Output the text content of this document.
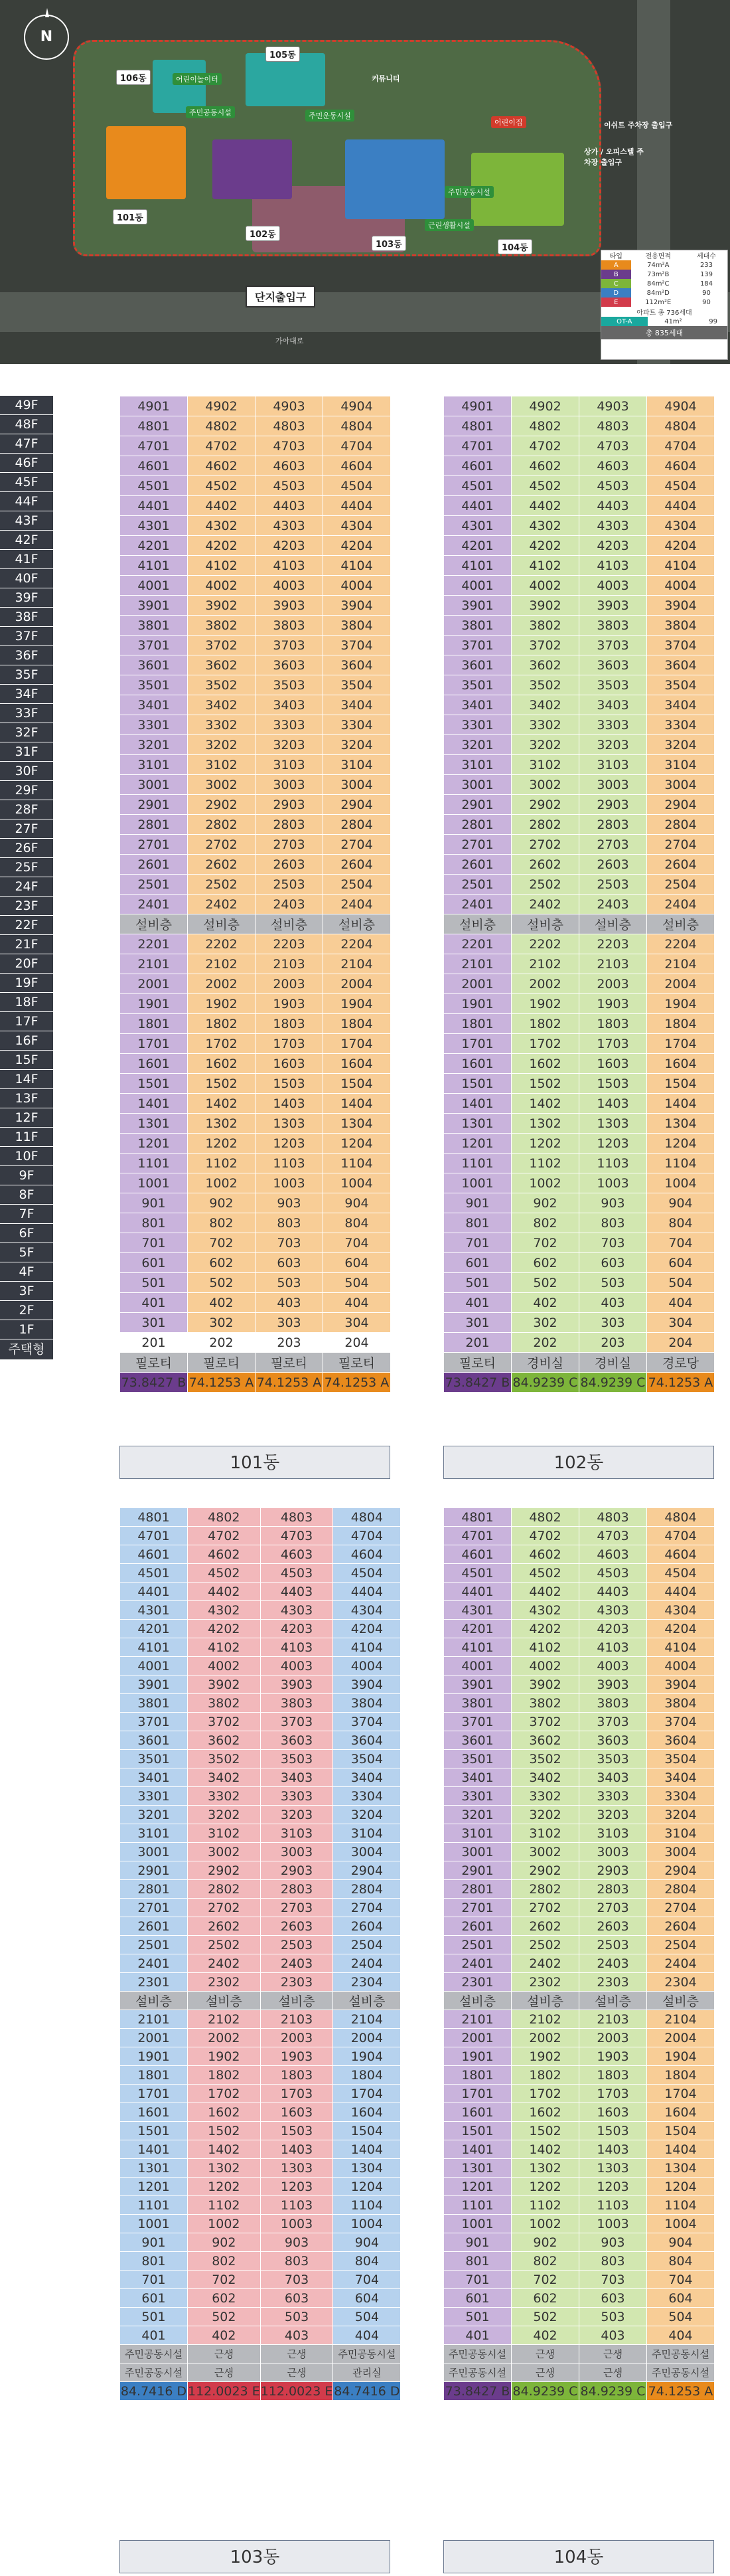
N
101동
102동
103동	104동
105동
106동	어린이놀이터
주민공동시설	주민운동시설
주민공동시설
근린생활시설
어린이집	이쉬트 주차장 출입구
상가 / 오피스텔 주차장 출입구
커뮤니티
단지출입구
가야대로
타입	전용면적	세대수
A	74m²A	233
B	73m²B	139
C	84m²C	184
D	84m²D	90
E	112m²E	90
아파트 총 736세대
OT-A	41m²	99
총 835세대
49F
48F
47F
46F
45F
44F
43F
42F
41F
40F
39F
38F
37F
36F
35F
34F
33F
32F
31F
30F
29F
28F
27F
26F
25F
24F
23F
22F
21F
20F
19F
18F
17F
16F
15F
14F
13F
12F
11F
10F
9F
8F
7F
6F
5F
4F
3F
2F
1F
주택형
4901	4902	4903	4904
4801	4802	4803	4804
4701	4702	4703	4704
4601	4602	4603	4604
4501	4502	4503	4504
4401	4402	4403	4404
4301	4302	4303	4304
4201	4202	4203	4204
4101	4102	4103	4104
4001	4002	4003	4004
3901	3902	3903	3904
3801	3802	3803	3804
3701	3702	3703	3704
3601	3602	3603	3604
3501	3502	3503	3504
3401	3402	3403	3404
3301	3302	3303	3304
3201	3202	3203	3204
3101	3102	3103	3104
3001	3002	3003	3004
2901	2902	2903	2904
2801	2802	2803	2804
2701	2702	2703	2704
2601	2602	2603	2604
2501	2502	2503	2504
2401	2402	2403	2404
설비층	설비층	설비층	설비층
2201	2202	2203	2204
2101	2102	2103	2104
2001	2002	2003	2004
1901	1902	1903	1904
1801	1802	1803	1804
1701	1702	1703	1704
1601	1602	1603	1604
1501	1502	1503	1504
1401	1402	1403	1404
1301	1302	1303	1304
1201	1202	1203	1204
1101	1102	1103	1104
1001	1002	1003	1004
901	902	903	904
801	802	803	804
701	702	703	704
601	602	603	604
501	502	503	504
401	402	403	404
301	302	303	304
201	202	203	204
필로티	필로티	필로티	필로티
73.8427 B	74.1253 A	74.1253 A	74.1253 A
4901	4902	4903	4904
4801	4802	4803	4804
4701	4702	4703	4704
4601	4602	4603	4604
4501	4502	4503	4504
4401	4402	4403	4404
4301	4302	4303	4304
4201	4202	4203	4204
4101	4102	4103	4104
4001	4002	4003	4004
3901	3902	3903	3904
3801	3802	3803	3804
3701	3702	3703	3704
3601	3602	3603	3604
3501	3502	3503	3504
3401	3402	3403	3404
3301	3302	3303	3304
3201	3202	3203	3204
3101	3102	3103	3104
3001	3002	3003	3004
2901	2902	2903	2904
2801	2802	2803	2804
2701	2702	2703	2704
2601	2602	2603	2604
2501	2502	2503	2504
2401	2402	2403	2404
설비층	설비층	설비층	설비층
2201	2202	2203	2204
2101	2102	2103	2104
2001	2002	2003	2004
1901	1902	1903	1904
1801	1802	1803	1804
1701	1702	1703	1704
1601	1602	1603	1604
1501	1502	1503	1504
1401	1402	1403	1404
1301	1302	1303	1304
1201	1202	1203	1204
1101	1102	1103	1104
1001	1002	1003	1004
901	902	903	904
801	802	803	804
701	702	703	704
601	602	603	604
501	502	503	504
401	402	403	404
301	302	303	304
201	202	203	204
필로티	경비실	경비실	경로당
73.8427 B	84.9239 C	84.9239 C	74.1253 A
101동	102동
4801	4802	4803	4804
4701	4702	4703	4704
4601	4602	4603	4604
4501	4502	4503	4504
4401	4402	4403	4404
4301	4302	4303	4304
4201	4202	4203	4204
4101	4102	4103	4104
4001	4002	4003	4004
3901	3902	3903	3904
3801	3802	3803	3804
3701	3702	3703	3704
3601	3602	3603	3604
3501	3502	3503	3504
3401	3402	3403	3404
3301	3302	3303	3304
3201	3202	3203	3204
3101	3102	3103	3104
3001	3002	3003	3004
2901	2902	2903	2904
2801	2802	2803	2804
2701	2702	2703	2704
2601	2602	2603	2604
2501	2502	2503	2504
2401	2402	2403	2404
2301	2302	2303	2304
설비층	설비층	설비층	설비층
2101	2102	2103	2104
2001	2002	2003	2004
1901	1902	1903	1904
1801	1802	1803	1804
1701	1702	1703	1704
1601	1602	1603	1604
1501	1502	1503	1504
1401	1402	1403	1404
1301	1302	1303	1304
1201	1202	1203	1204
1101	1102	1103	1104
1001	1002	1003	1004
901	902	903	904
801	802	803	804
701	702	703	704
601	602	603	604
501	502	503	504
401	402	403	404
주민공동시설	근생	근생	주민공동시설
주민공동시설	근생	근생	관리실
84.7416 D	112.0023 E	112.0023 E	84.7416 D
4801	4802	4803	4804
4701	4702	4703	4704
4601	4602	4603	4604
4501	4502	4503	4504
4401	4402	4403	4404
4301	4302	4303	4304
4201	4202	4203	4204
4101	4102	4103	4104
4001	4002	4003	4004
3901	3902	3903	3904
3801	3802	3803	3804
3701	3702	3703	3704
3601	3602	3603	3604
3501	3502	3503	3504
3401	3402	3403	3404
3301	3302	3303	3304
3201	3202	3203	3204
3101	3102	3103	3104
3001	3002	3003	3004
2901	2902	2903	2904
2801	2802	2803	2804
2701	2702	2703	2704
2601	2602	2603	2604
2501	2502	2503	2504
2401	2402	2403	2404
2301	2302	2303	2304
설비층	설비층	설비층	설비층
2101	2102	2103	2104
2001	2002	2003	2004
1901	1902	1903	1904
1801	1802	1803	1804
1701	1702	1703	1704
1601	1602	1603	1604
1501	1502	1503	1504
1401	1402	1403	1404
1301	1302	1303	1304
1201	1202	1203	1204
1101	1102	1103	1104
1001	1002	1003	1004
901	902	903	904
801	802	803	804
701	702	703	704
601	602	603	604
501	502	503	504
401	402	403	404
주민공동시설	근생	근생	주민공동시설
주민공동시설	근생	근생	주민공동시설
73.8427 B	84.9239 C	84.9239 C	74.1253 A
103동	104동
